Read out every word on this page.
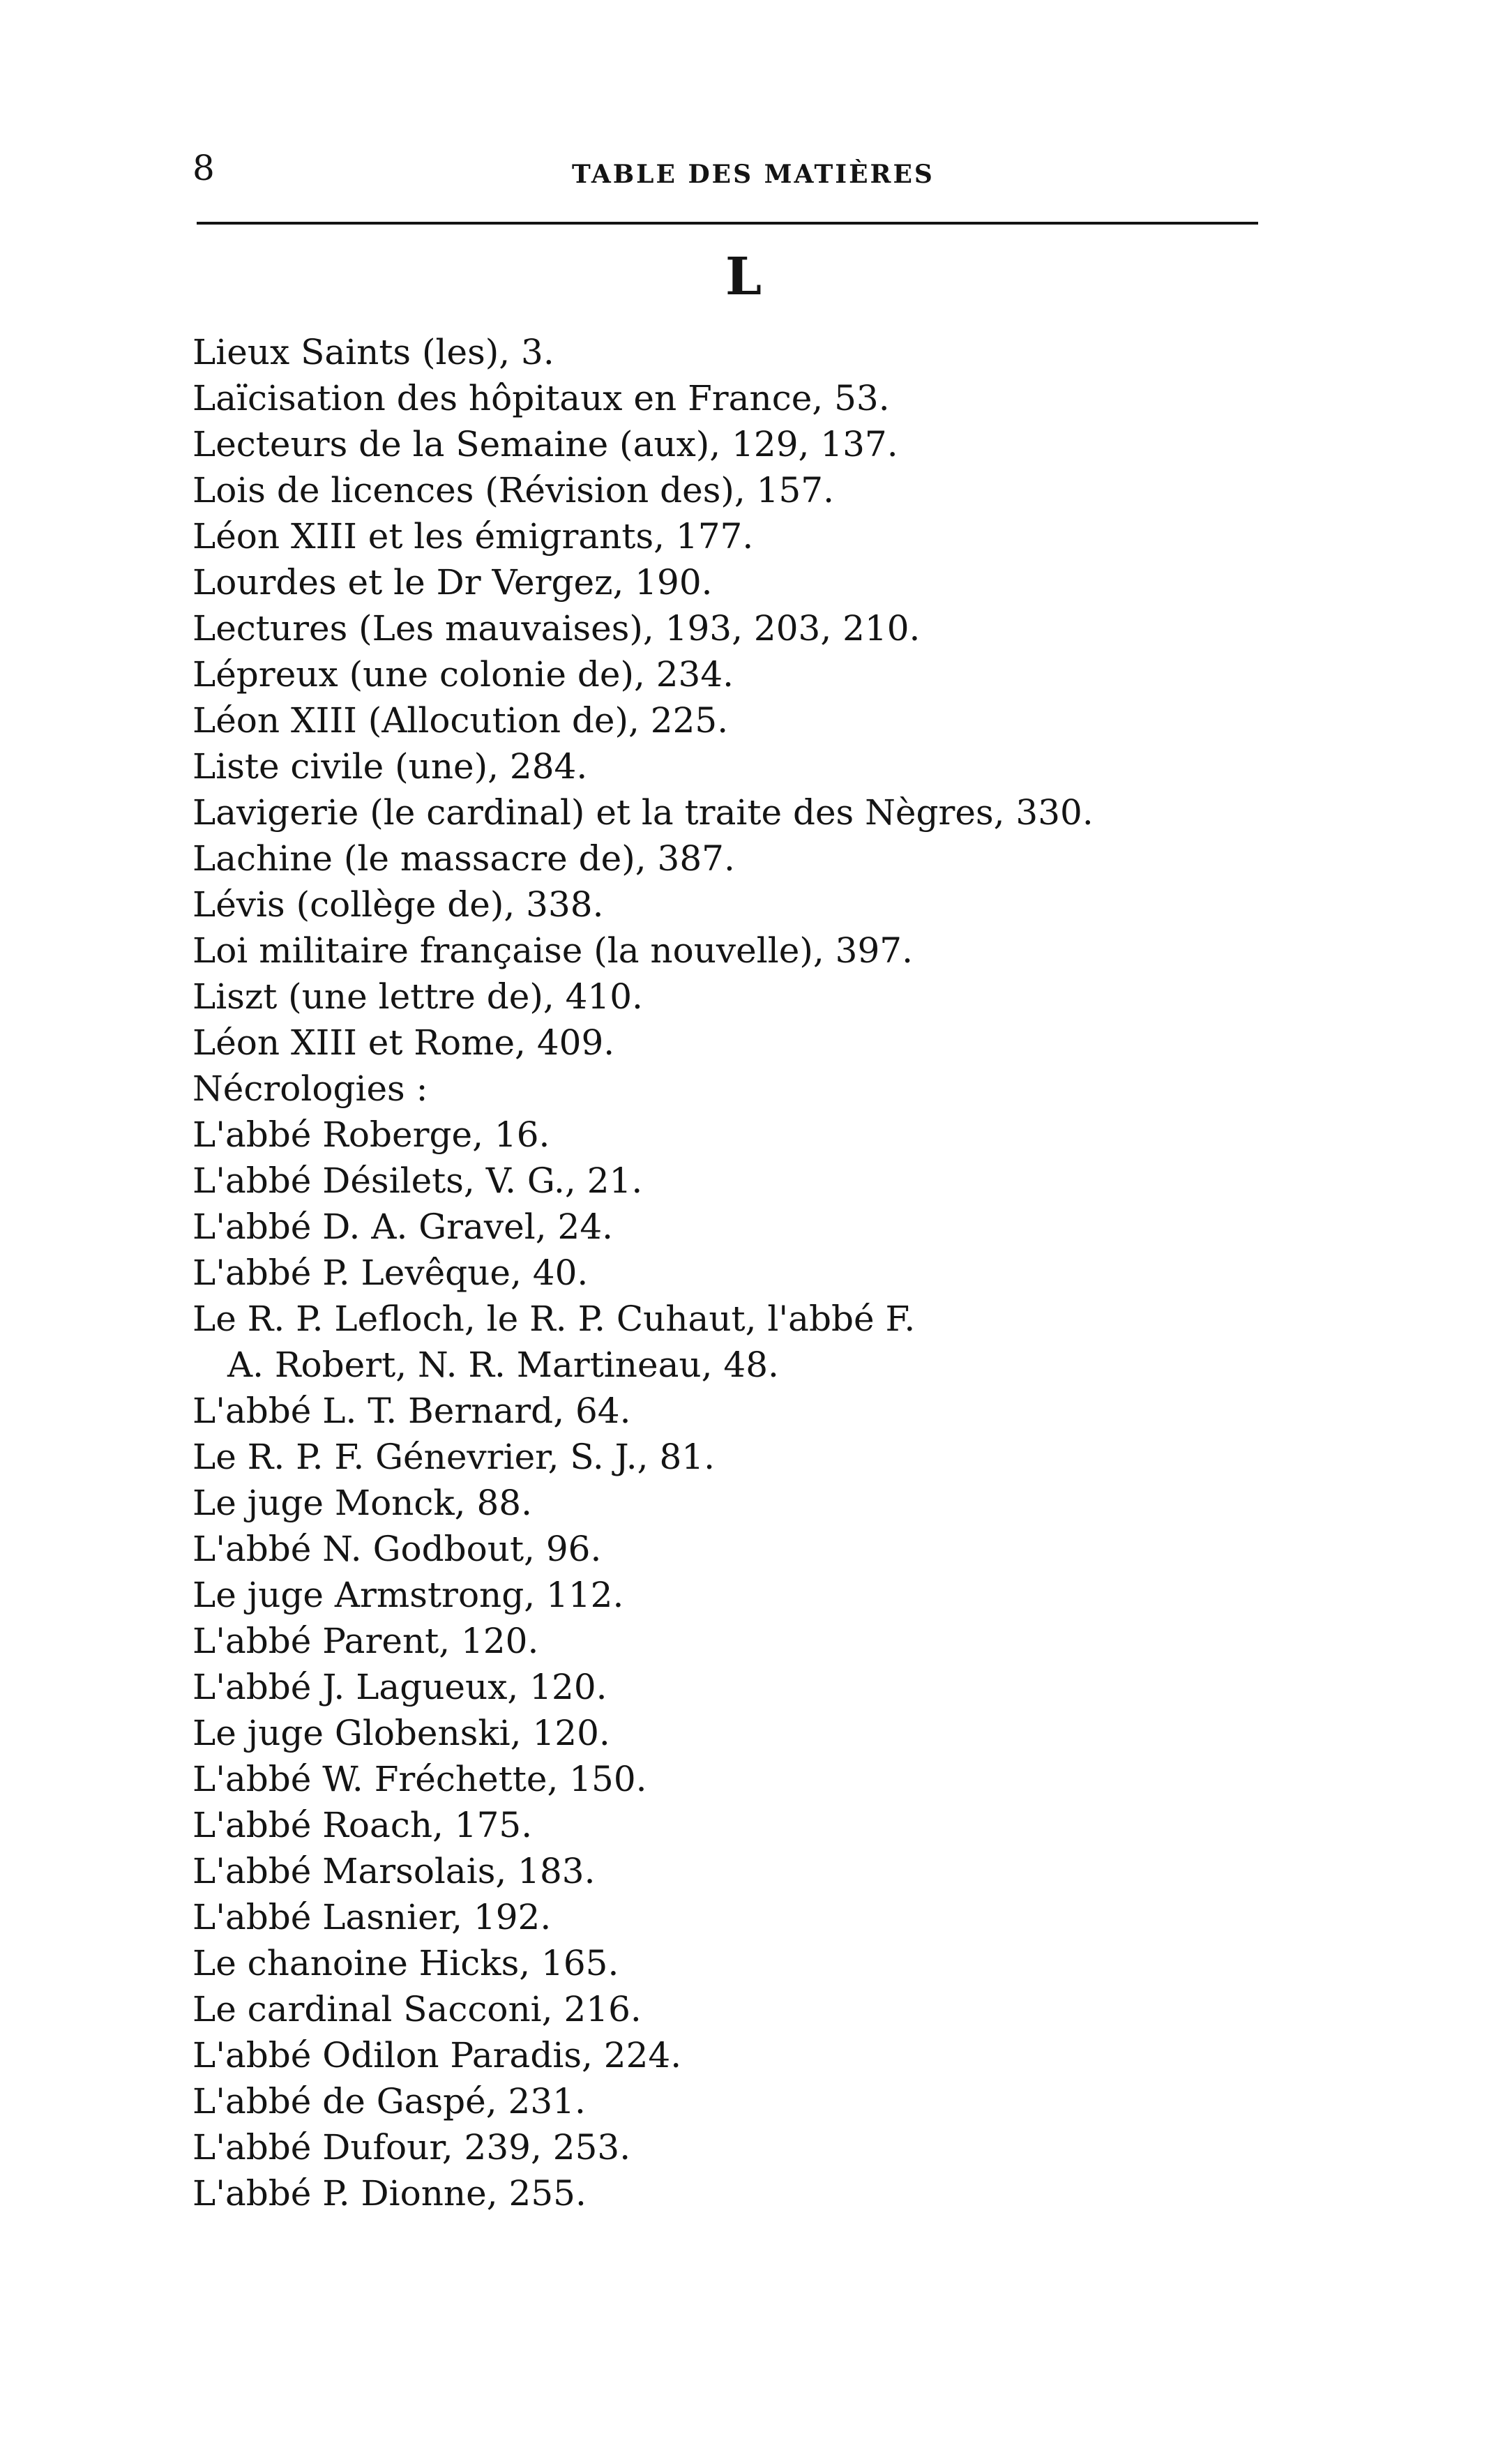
8	TABLE DES MATIÈRES
L
Lieux Saints (les), 3.
Laïcisation des hôpitaux en France, 53.
Lecteurs de la Semaine (aux), 129, 137.
Lois de licences (Révision des), 157.
Léon XIII et les émigrants, 177.
Lourdes et le Dr Vergez, 190.
Lectures (Les mauvaises), 193, 203, 210.
Lépreux (une colonie de), 234.
Léon XIII (Allocution de), 225.
Liste civile (une), 284.
Lavigerie (le cardinal) et la traite des Nègres, 330.
Lachine (le massacre de), 387.
Lévis (collège de), 338.
Loi militaire française (la nouvelle), 397.
Liszt (une lettre de), 410.
Léon XIII et Rome, 409.
Nécrologies :
L'abbé Roberge, 16.
L'abbé Désilets, V. G., 21.
L'abbé D. A. Gravel, 24.
L'abbé P. Levêque, 40.
Le R. P. Lefloch, le R. P. Cuhaut, l'abbé F.
A. Robert, N. R. Martineau, 48.
L'abbé L. T. Bernard, 64.
Le R. P. F. Génevrier, S. J., 81.
Le juge Monck, 88.
L'abbé N. Godbout, 96.
Le juge Armstrong, 112.
L'abbé Parent, 120.
L'abbé J. Lagueux, 120.
Le juge Globenski, 120.
L'abbé W. Fréchette, 150.
L'abbé Roach, 175.
L'abbé Marsolais, 183.
L'abbé Lasnier, 192.
Le chanoine Hicks, 165.
Le cardinal Sacconi, 216.
L'abbé Odilon Paradis, 224.
L'abbé de Gaspé, 231.
L'abbé Dufour, 239, 253.
L'abbé P. Dionne, 255.
